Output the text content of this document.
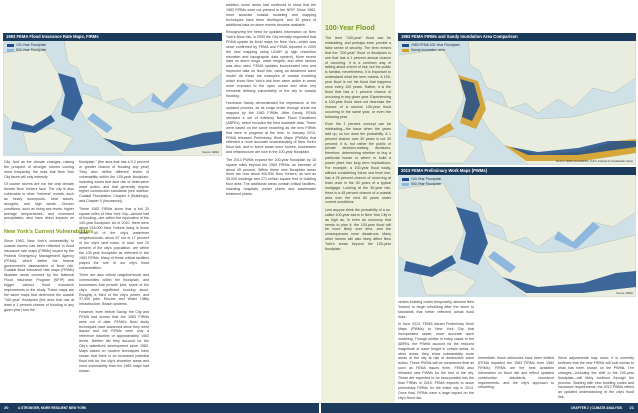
1983 FEMA Flood Insurance Rate Maps, FIRMs
100-Year Floodplain
500-Year Floodplain
Source: FEMA

City. And as the climate changes, raising the prospect of stronger storms coming more frequently, the risks that New York City faces will only intensify.

Of course storms are not the only climate threats New Yorkers face. The city is also vulnerable to other "extreme" events, such as heavy downpours, heat waves, droughts, and high winds. Chronic conditions, such as rising sea levels, higher average temperatures, and increased precipitation, also have direct impacts on

New York's Current Vulnerabilities

Since 1983, New York's vulnerability to coastal storms has been reflected in flood insurance rate maps (FIRMs) issued by the Federal Emergency Management Agency (FEMA), which define the federal government's assessment of flood risk. Coastal flood insurance rate maps (FIRMs) illustrate areas covered by the National Flood Insurance Program (NFIP) and trigger various flood insurance requirements in the study. These maps are the same maps that determine the coastal "100-year" floodplain (the area that has at least a 1 percent chance of flooding in any given year) and the

floodplain." (the area that has a 0.2 percent or greater chance of flooding any year) They also define different levels of vulnerability within the 100-year floodplain, including zones that face risk of destructive wave action, and that generally require higher construction standards (see sidebar: Coastal Floodplains, Chapter 4 (Buildings), and Chapter 5 (Insurance)).

These 1983 FIRMs show that a full 33 square miles of New York City—almost half of flooding—are within the equivalent of the 100-year floodplain. As of 2010, there were about 218,000 New Yorkers living in those areas. All of the city's waterfront neighborhoods, about 67 out of 17 percent of the city's land mass, in total, and 29 percent of the city's population, are within the 100-year floodplain as reflected in the 1983 FIRMs. Many of these critical facilities played the role of our city's flood vulnerabilities.

There are also critical neighborhoods and communities within the floodplain, and businesses that provide jobs, some of the city's most significant housing stock. Roughly a third of the city's power, and 37,000 jobs. Electric and Water Utility Infrastructure, Beach systems.

However, even before Sandy, the City and FEMA had known that the 1983 FIRMs were out of date. FEMA's flood study techniques have advanced since they were issued and the FIRMs were only a reference baseline of approximately 1983 levels. Neither did they account for the City's waterfront development since 1983. Maps based on modern techniques have shown that there is an increased potential flood risk for the city's shoreline areas and more vulnerability than the 1983 maps had shown.

addition, some areas had continued to show that the 1983 FIRMs were not present in the NFIP. Since 1983, more accurate coastal modeling and mapping techniques have been developed, and 30 years of additional data on storm events became available.

Recognizing the need for updated information on New York's flood risk, in 2009 the City formally requested that FEMA update its flood maps for New York—which was since confirmed by FEMA and FEMA reported in 2009 the new mapping using LiDAR (a high resolution elevation and topographic data system). More recent data on storm surge, wave heights, and other factors was also used. FEMA updates incorporated new and improved data on flood risk, using an advanced wave model. All these are examples of coastal modeling which show New York's risk from wave action in areas more exposed to the open ocean and other key elements defining vulnerability of the city to coastal flooding.

Hurricane Sandy demonstrated the importance of the updated process, as its surge broke through areas not mapped by the 1983 FIRMs. After Sandy, FEMA released a set of Advisory Base Flood Elevations (ABFEs), which included the best available data. These were based on the same modeling as the new FIRMs that were in progress at the time. In January 2013, FEMA released Preliminary Work Maps (PWMs) that reflected a more accurate understanding of New York's flood risk, and in some areas more homes, businesses and infrastructure are now in the 100-year floodplain.

The 2013 PWMs expand the 100-year floodplain by 15 square miles beyond the 1983 FIRMs, an increase of about 45 percent. Within these new floodplain areas there are now about 400,000 New Yorkers, as well as 35,000 buildings and 271 million square feet of building floor area. The additional areas contain critical facilities, including hospitals, power plants and wastewater treatment plants.

20	A STRONGER, MORE RESILIENT NEW YORK
100-Year Flood

The term "100-year" flood can be misleading, and perhaps even provide a false sense of security. The term means that the "100-year" flood or floodplain is one that has a 1 percent annual chance of occurring. It is a common way of talking about a level of risk, but the public is familiar, nevertheless, it is important to understand what the term means. A 100-year flood is not the flood that happens once every 100 years. Rather, it is the flood that has a 1 percent chance of occurring in any given year. Experiencing a 100-year flood does not decrease the chance of a second 100-year flood occurring in the same year, or even the following year.

Even the 1 percent concept can be misleading—the issue when the years add up, so too does the probability. A 1 percent chance over 30 years is not 30 percent; it is, but rather the public or private decision-making decisions, therefore, determining whether to buy a particular house or where to build a power plant has long term implications. For example, a 100-year flood today, without considering future sea level rise, has a 26 percent chance of occurring at least once in the 30 years of a typical mortgage. Looking at the 30-year risk, there is a 45 percent chance of a coastal area over the next 60 years under current conditions.

Lest anyone think the probability of a so-called 100-year storm in New York City is as high as, in even an economy that needs to plan it, the 100-year flood will be more likely over time, and the consequences more disastrous. Many other storms will also likely affect New York's areas beyond the 100-year floodplain.

1983 FEMA FIRMs and Sandy Inundation Area Comparison
1983 FEMA 100-Year Floodplain
Sandy inundation area
Source: FEMA (NOAA/NWS; CUNY Institute for Sustainable Cities)
2013 FEMA Preliminary Work Maps (PWMs)
100-Year Floodplain
500-Year Floodplain
Source: FEMA

certain building codes temporarily, allowed New Yorkers to begin rebuilding after the storm to standards that better reflected actual flood risks.

In June 2013, FEMA issued Preliminary Work Maps (PWMs) to New York City that incorporated newer, more accurate wave modeling. Though similar in many cases to the ABFEs, the PWMs account for the reduced magnitude of wave height in certain areas. In other areas, they show substantially more areas of the city at risk of destructive wave action. These PWMs will be considered final as soon as FEMA issues them, FEMA also released new PWMs for the rest of the city. These are expected to be incorporated into the final FIRMs in 2015. FEMA expects to issue preliminary FIRMs for the entire city in 2014. Once final, FIRMs have a large impact on the city's flood risk.

Immediate, these advisories have been shifted (FEMA imparted the 1983 FIRMs from 1983 FIRMs). FIRMs are the best available information on flood risk and reflect updated construction standards, insurance requirements, and the city's approach to rebuilding.

Since adjustments may occur, it is currently believed that the new FIRMs will look similar to what has been shown on the PWMs. The changes—including the shift to the 100-year floodplain—will likely continue through the process. Starting with new building codes and insurance requirements, the 2013 PWMs reflect an updated understanding of the city's flood risk.

CHAPTER 2 | CLIMATE ANALYSIS 21
